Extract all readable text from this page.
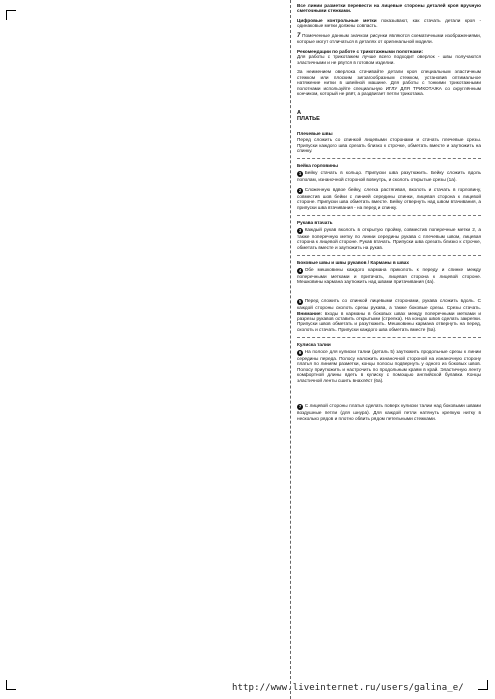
Все линии разметки перевести на лицевые стороны деталей кроя вручную сметочными стежками.

Цифровые контрольные метки показывают, как стачать детали кроя - одинаковые метки должны совпасть.

7 Помеченные данным значком рисунки являются схематичными изображениями, которые могут отличаться в деталях от оригинальной модели.

Рекомендации по работе с трикотажными полотнами:
Для работы с трикотажем лучше всего подходит оверлок - швы получаются эластичными и не рвутся в готовом изделии.

За неимением оверлока стачивайте детали кроя специальным эластичным стежком или плоским зигзагообразным стежком, установив оптимальное натяжение нитки в швейной машине. Для работы с тонкими трикотажными полотнами используйте специальную ИГЛУ ДЛЯ ТРИКОТАЖА со скруглённым кончиком, который не рвёт, а раздвигает петли трикотажа.

А
ПЛАТЬЕ
Плечевые швы

Перед сложить со спинкой лицевыми сторонами и стачать плечевые срезы. Припуски каждого шва срезать близко к строчке, обметать вместе и заутюжить на спинку.

Бейка горловины

1 Бейку стачать в кольцо. Припуски шва разутюжить. Бейку сложить вдоль пополам, изнаночной стороной вовнутрь, и сколоть открытые срезы (1а).

2 Сложенную вдвое бейку, слегка растягивая, вколоть и стачать в горловину, совместив шов бейки с линией середины спинки, лицевая сторона к лицевой стороне. Припуски шва обметать вместе. Бейку отвернуть над швом втачивания, а припуски шва втачивания - на перед и спинку.

Рукава втачать

3 Каждый рукав вколоть в открытую пройму, совместив поперечные метки 2, а также поперечную метку по линии середины рукава с плечевым швом, лицевая сторона к лицевой стороне. Рукав втачать. Припуски шва срезать близко к строчке, обметать вместе и заутюжить на рукав.

Боковые швы и швы рукавов / Карманы в швах

4 Обе мешковины каждого кармана приколоть к переду и спинке между поперечными метками и притачать, лицевая сторона к лицевой стороне. Мешковины кармана заутюжить над швами притачивания (4а).

5 Перед сложить со спинкой лицевыми сторонами, рукава сложить вдоль. С каждой стороны сколоть срезы рукава, а также боковые срезы. Срезы стачать. Внимание: входы в карманы в боковых швах между поперечными метками и разрезы рукавов оставить открытыми (стрелка). На концах швов сделать закрепки. Припуски швов обметать и разутюжить. Мешковины кармана отвернуть на перед, сколоть и стачать. Припуски каждого шва обметать вместе (5а).

Кулиска талии

6 На полосе для кулиски талии (деталь 5) заутюжить продольные срезы к линии середины переда. Полосу наложить изнаночной стороной на изнаночную сторону платья по линиям разметки, концы полосы подвернуть у одного из боковых швов. Полосу приутюжить и настрочить по продольным краям в край. Эластичную ленту комфортной длины вдеть в кулиску с помощью английской булавки. Концы эластичной ленты сшить внахлёст (6а).

7 С лицевой стороны платья сделать поверх кулиски талии над боковыми швами воздушные петли (для шнура). Для каждой петли натянуть крепкую нитку в несколько рядов и плотно обвить рядом петельными стежками.

http://www.liveinternet.ru/users/galina_e/
